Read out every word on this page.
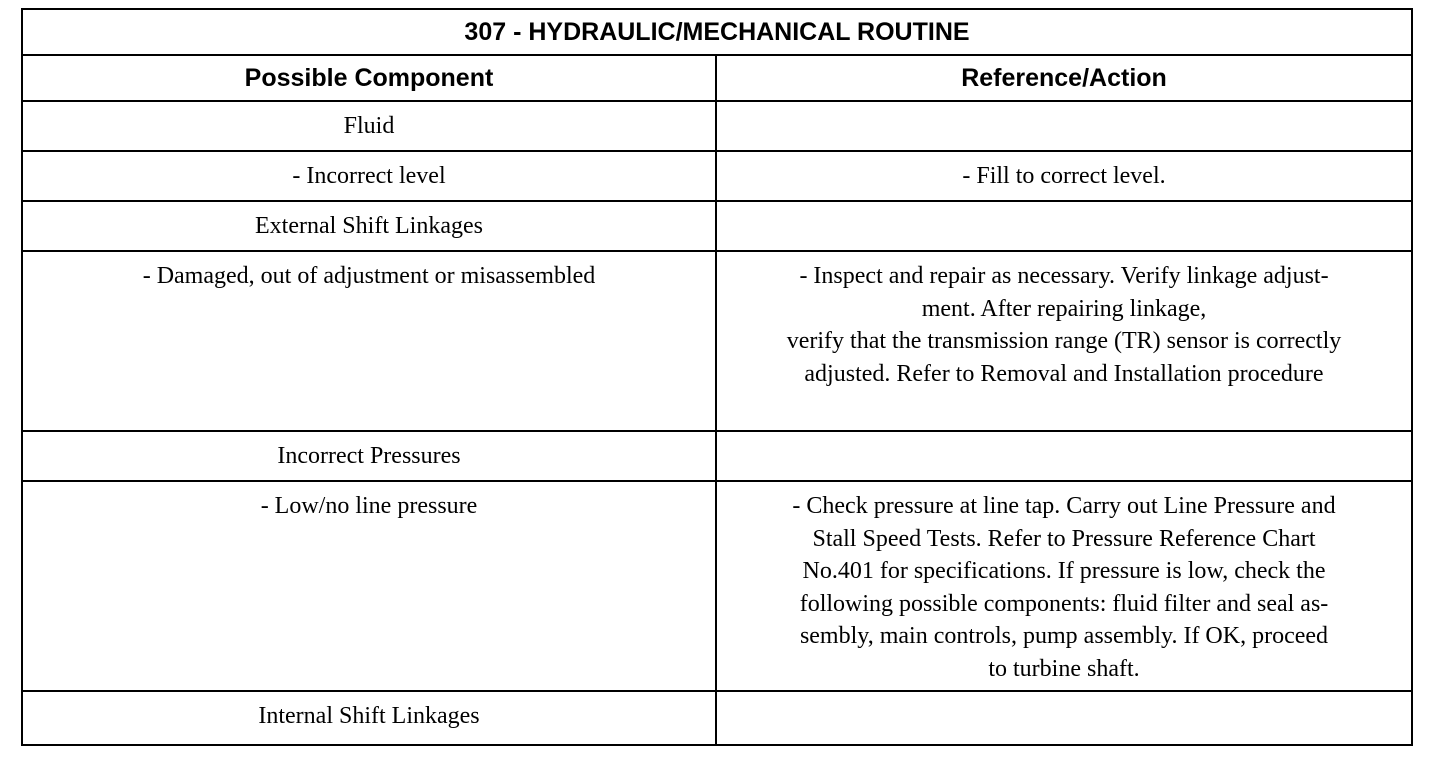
307 - HYDRAULIC/MECHANICAL ROUTINE
Possible Component	Reference/Action
Fluid
- Incorrect level	- Fill to correct level.
External Shift Linkages
- Damaged, out of adjustment or misassembled	- Inspect and repair as necessary. Verify linkage adjust-
ment. After repairing linkage,
verify that the transmission range (TR) sensor is correctly
adjusted. Refer to Removal and Installation procedure
Incorrect Pressures
- Low/no line pressure	- Check pressure at line tap. Carry out Line Pressure and
Stall Speed Tests. Refer to Pressure Reference Chart
No.401 for specifications. If pressure is low, check the
following possible components: fluid filter and seal as-
sembly, main controls, pump assembly. If OK, proceed
to turbine shaft.
Internal Shift Linkages
